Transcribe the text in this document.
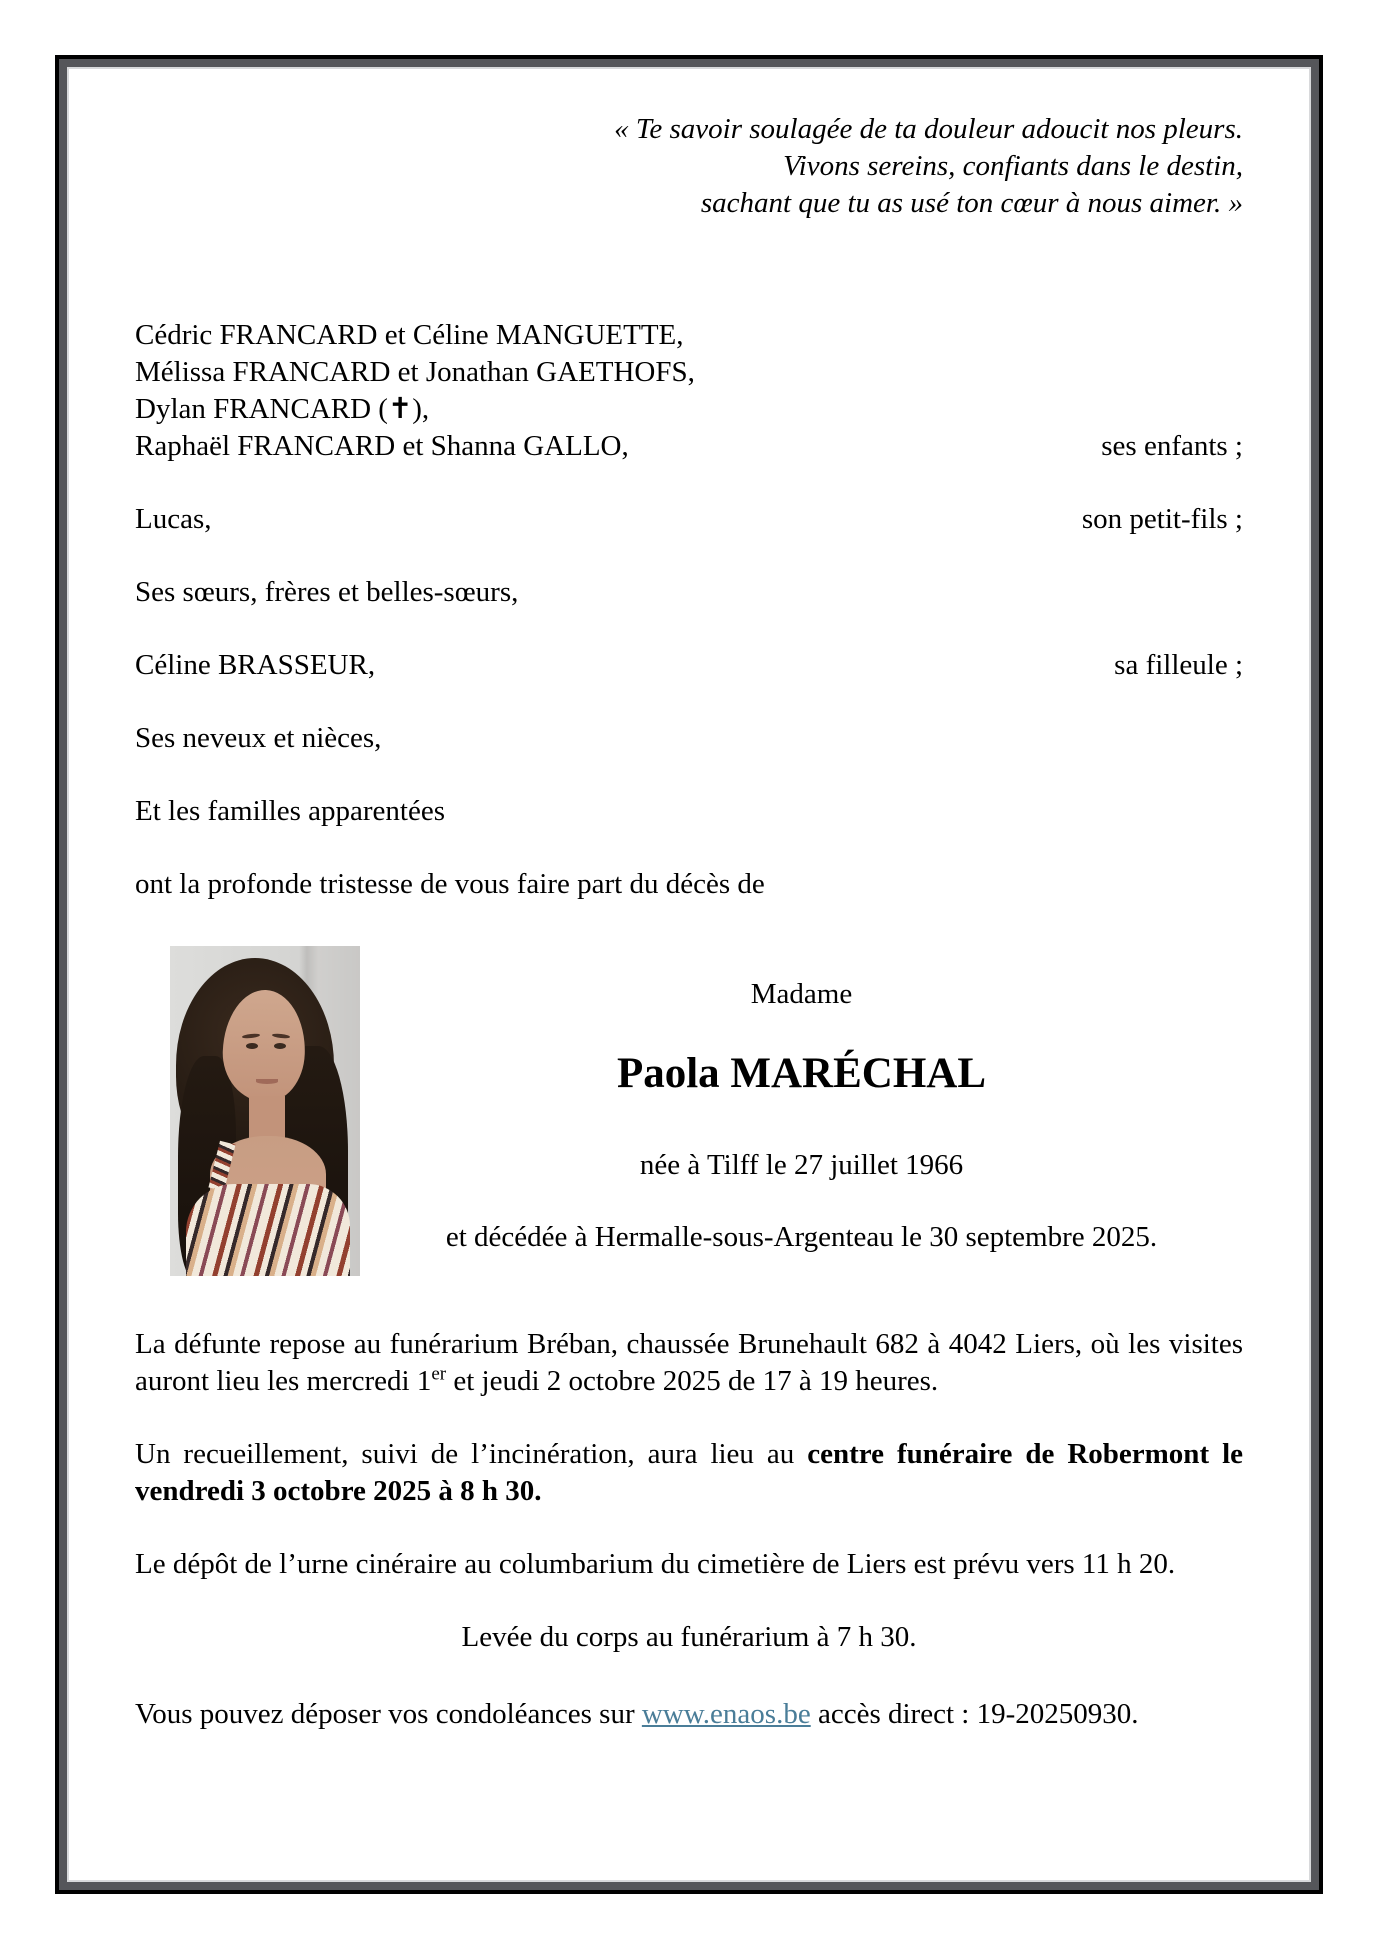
« Te savoir soulagée de ta douleur adoucit nos pleurs.
Vivons sereins, confiants dans le destin,
sachant que tu as usé ton cœur à nous aimer. »
Cédric FRANCARD et Céline MANGUETTE,
Mélissa FRANCARD et Jonathan GAETHOFS,
Dylan FRANCARD (✝),
Raphaël FRANCARD et Shanna GALLO,	ses enfants ;
Lucas,	son petit-fils ;
Ses sœurs, frères et belles-sœurs,
Céline BRASSEUR,	sa filleule ;
Ses neveux et nièces,
Et les familles apparentées
ont la profonde tristesse de vous faire part du décès de
Madame
Paola MARÉCHAL
née à Tilff le 27 juillet 1966
et décédée à Hermalle-sous-Argenteau le 30 septembre 2025.
La défunte repose au funérarium Bréban, chaussée Brunehault 682 à 4042 Liers, où les visites auront lieu les mercredi 1er et jeudi 2 octobre 2025 de 17 à 19 heures.
Un recueillement, suivi de l’incinération, aura lieu au centre funéraire de Robermont le vendredi 3 octobre 2025 à 8 h 30.
Le dépôt de l’urne cinéraire au columbarium du cimetière de Liers est prévu vers 11 h 20.
Levée du corps au funérarium à 7 h 30.
Vous pouvez déposer vos condoléances sur www.enaos.be accès direct : 19-20250930.
